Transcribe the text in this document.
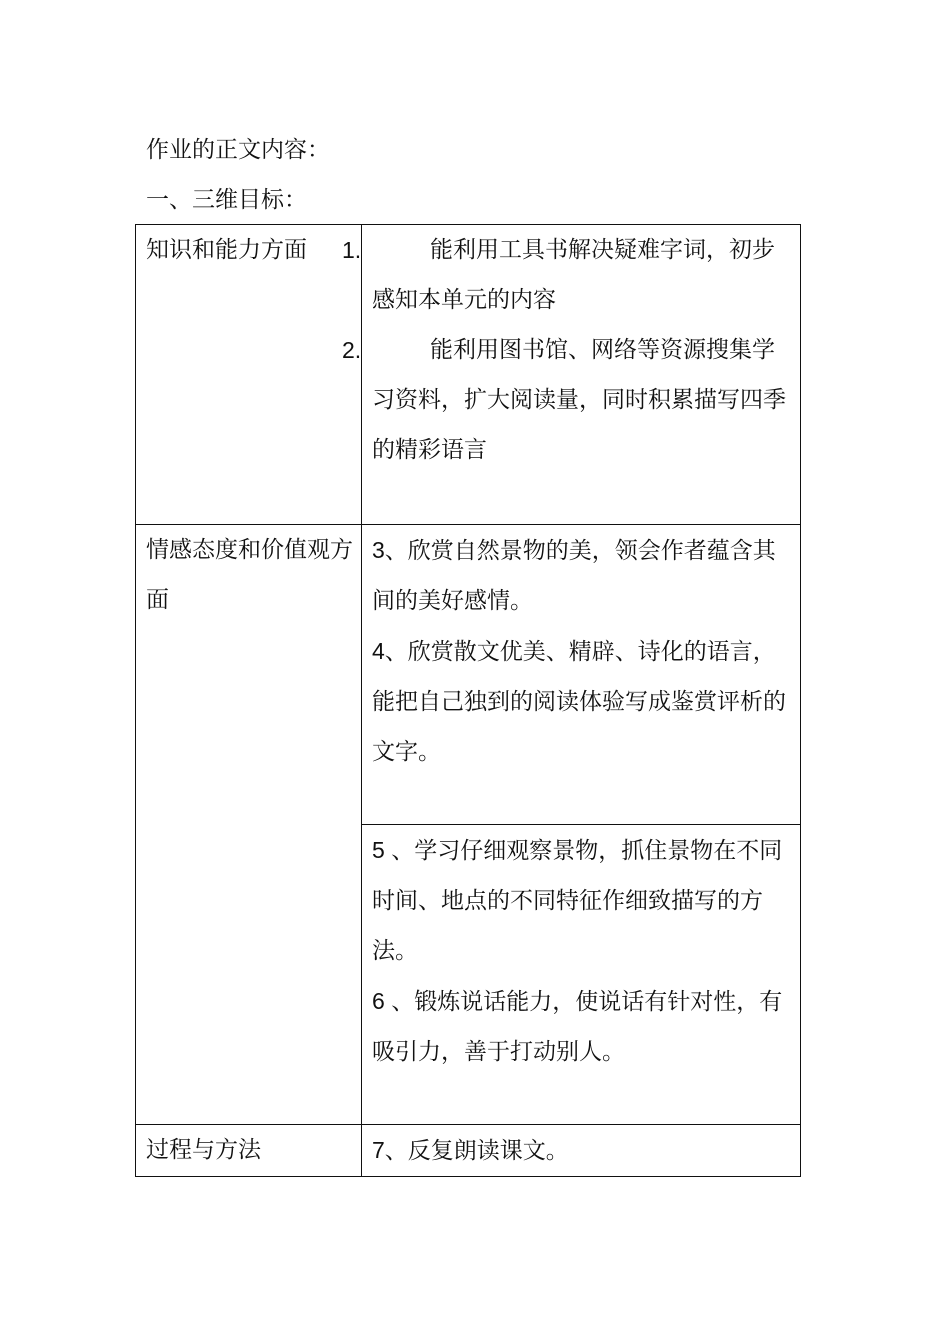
作业的正文内容：

一、三维目标：

知识和能力方面	1. 能利用工具书解决疑难字词，初步感知本单元的内容

2. 能利用图书馆、网络等资源搜集学习资料，扩大阅读量，同时积累描写四季的精彩语言

情感态度和价值观方面	3、欣赏自然景物的美，领会作者蕴含其间的美好感情。

4、欣赏散文优美、精辟、诗化的语言，能把自己独到的阅读体验写成鉴赏评析的文字。

	5 、学习仔细观察景物，抓住景物在不同时间、地点的不同特征作细致描写的方法。

6 、锻炼说话能力，使说话有针对性，有吸引力，善于打动别人。

过程与方法	7、反复朗读课文。
